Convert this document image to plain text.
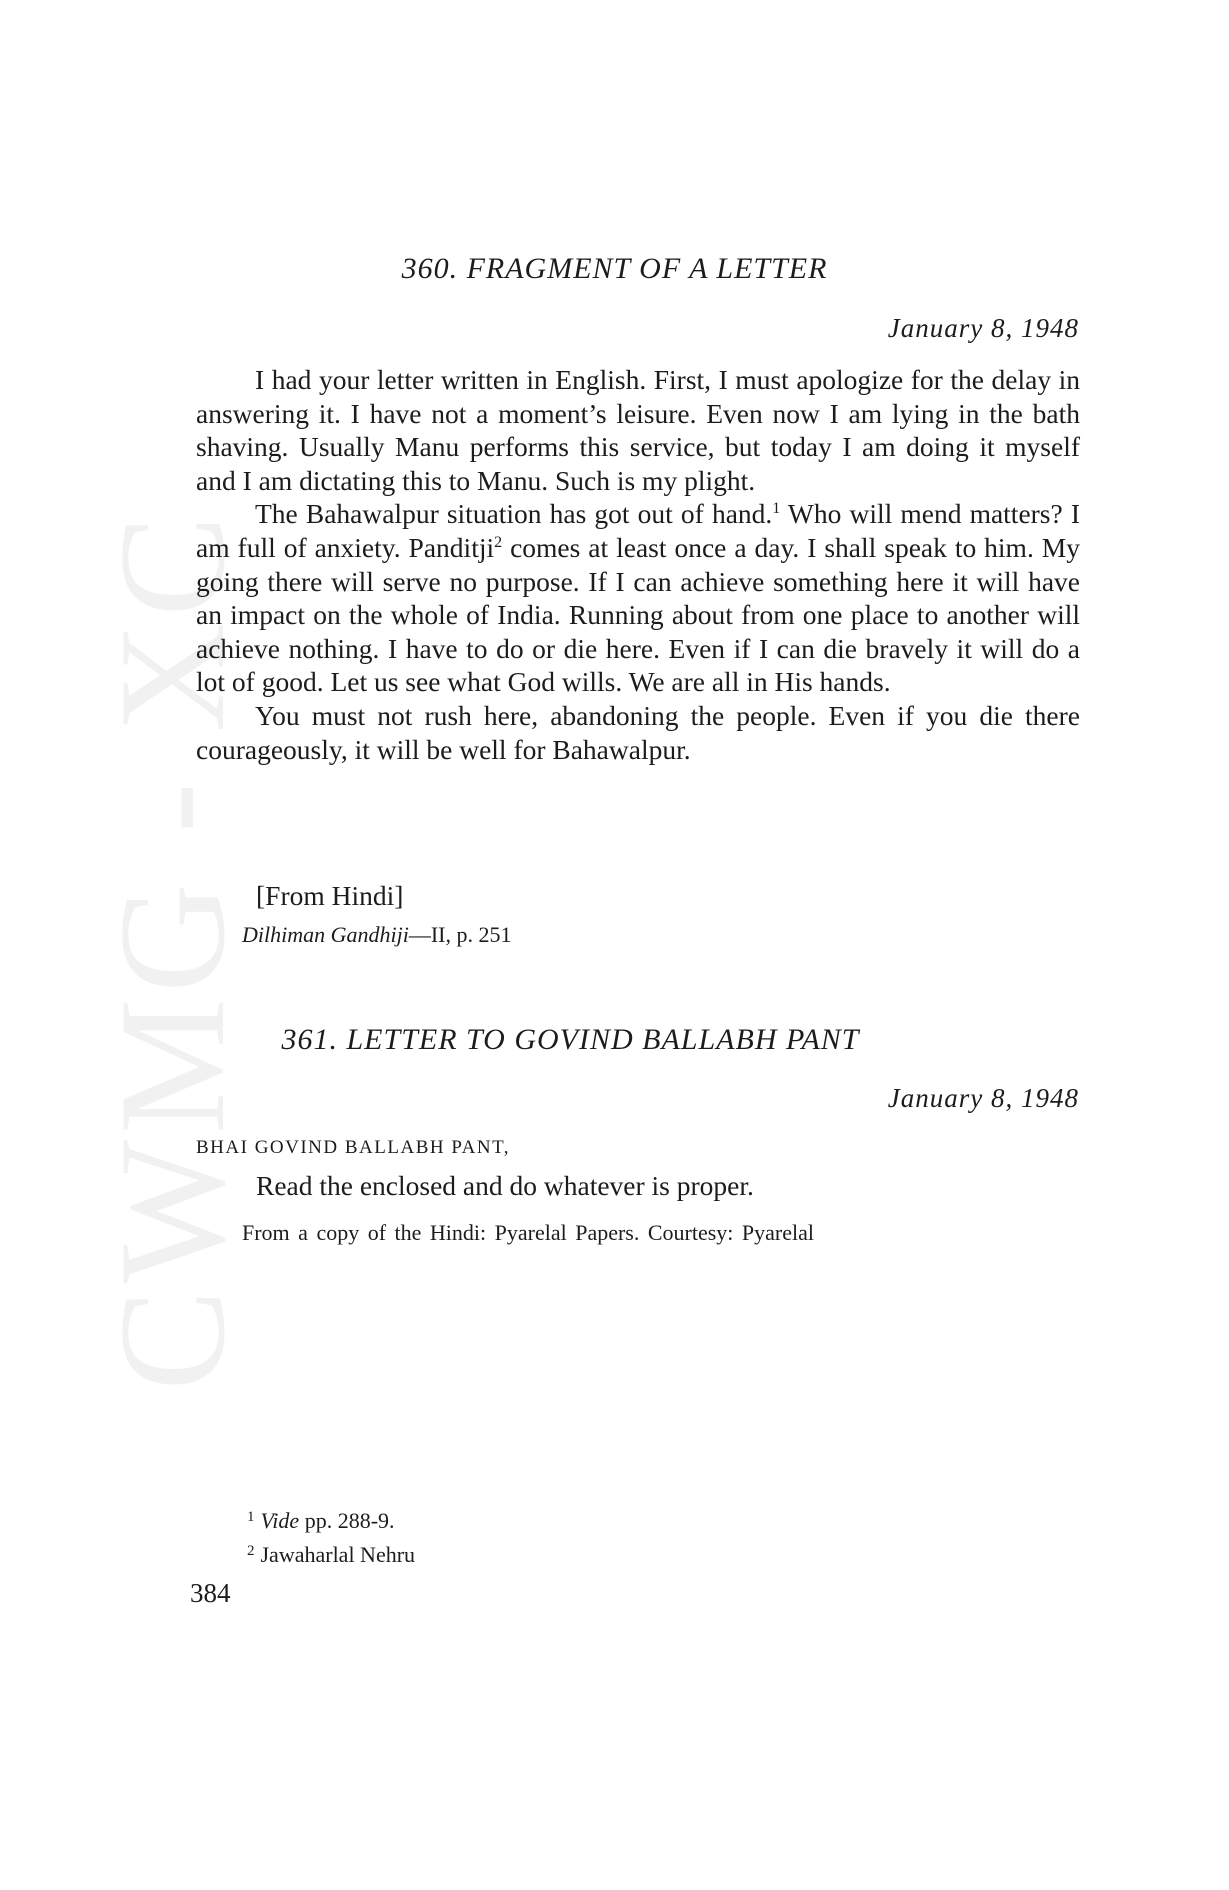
CWMG - XC
360. FRAGMENT OF A LETTER
January 8, 1948

I had your letter written in English. First, I must apologize for the delay in answering it. I have not a moment’s leisure. Even now I am lying in the bath shaving. Usually Manu performs this service, but today I am doing it myself and I am dictating this to Manu. Such is my plight.

The Bahawalpur situation has got out of hand.$^1$ Who will mend matters? I am full of anxiety. Panditji$^2$ comes at least once a day. I shall speak to him. My going there will serve no purpose. If I can achieve something here it will have an impact on the whole of India. Running about from one place to another will achieve nothing. I have to do or die here. Even if I can die bravely it will do a lot of good. Let us see what God wills. We are all in His hands.

You must not rush here, abandoning the people. Even if you die there courageously, it will be well for Bahawalpur.

[From Hindi]
Dilhiman Gandhiji—II, p. 251
361. LETTER TO GOVIND BALLABH PANT
January 8, 1948
BHAI GOVIND BALLABH PANT,
Read the enclosed and do whatever is proper.
From a copy of the Hindi: Pyarelal Papers. Courtesy: Pyarelal
$^1$ Vide pp. 288-9.
$^2$ Jawaharlal Nehru
384
